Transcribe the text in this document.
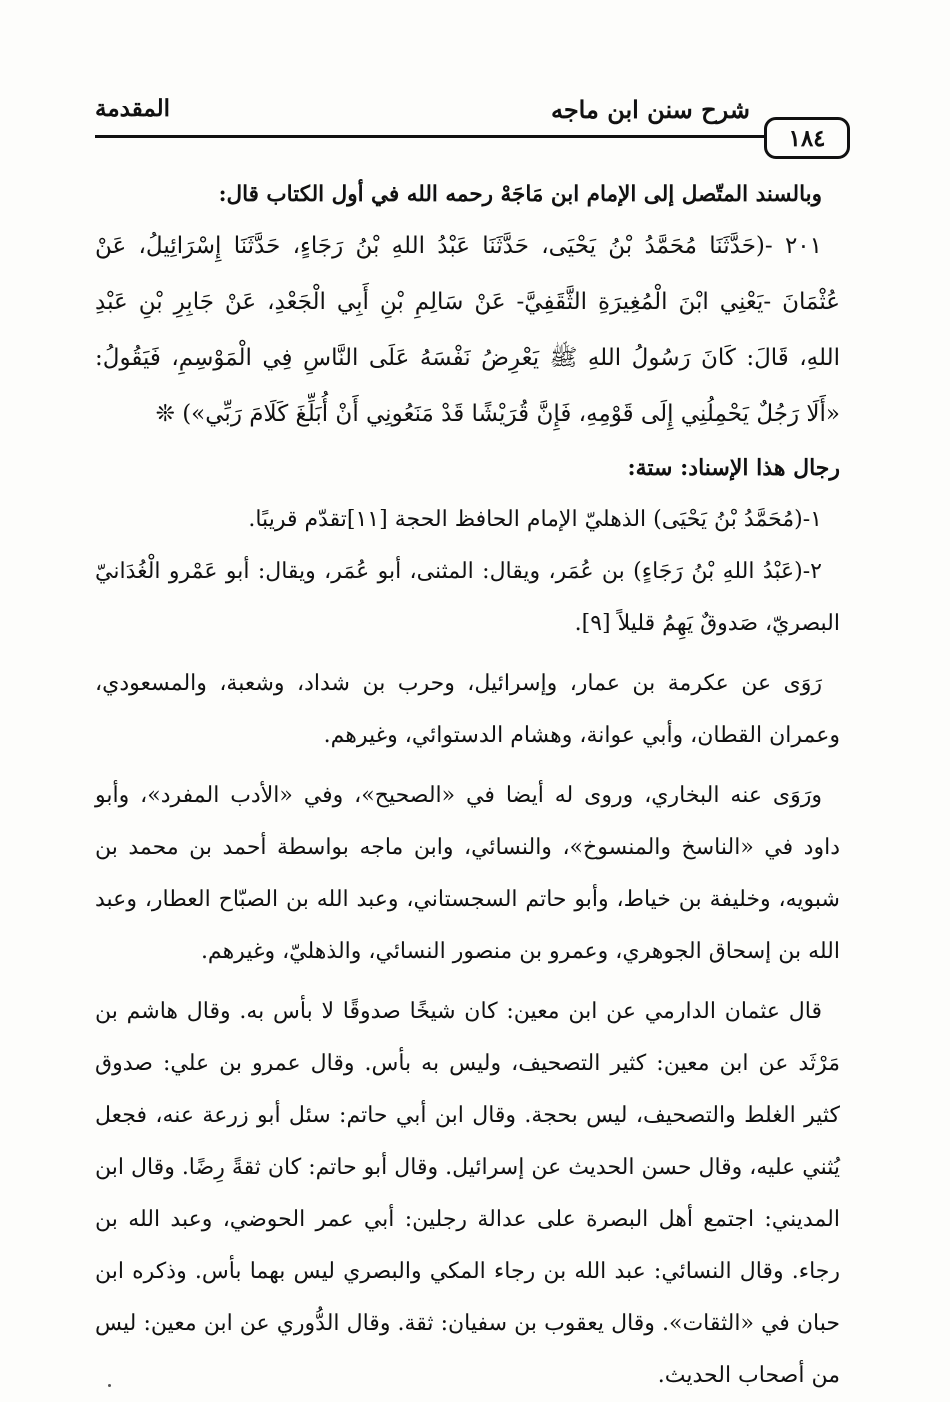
شرح سنن ابن ماجه
المقدمة
١٨٤

وبالسند المتّصل إلى الإمام ابن مَاجَهْ رحمه الله في أول الكتاب قال:

٢٠١ -(حَدَّثَنَا مُحَمَّدُ بْنُ يَحْيَى، حَدَّثَنَا عَبْدُ اللهِ بْنُ رَجَاءٍ، حَدَّثَنَا إِسْرَائِيلُ، عَنْ عُثْمَانَ -يَعْنِي ابْنَ الْمُغِيرَةِ الثَّقَفِيَّ- عَنْ سَالِمِ بْنِ أَبِي الْجَعْدِ، عَنْ جَابِرِ بْنِ عَبْدِ اللهِ، قَالَ: كَانَ رَسُولُ اللهِ ﷺ يَعْرِضُ نَفْسَهُ عَلَى النَّاسِ فِي الْمَوْسِمِ، فَيَقُولُ: «أَلَا رَجُلٌ يَحْمِلُنِي إِلَى قَوْمِهِ، فَإِنَّ قُرَيْشًا قَدْ مَنَعُونِي أَنْ أُبَلِّغَ كَلَامَ رَبِّي») ❊

رجال هذا الإسناد: ستة:

١-(مُحَمَّدُ بْنُ يَحْيَى) الذهليّ الإمام الحافظ الحجة [١١]تقدّم قريبًا.

٢-(عَبْدُ اللهِ بْنُ رَجَاءٍ) بن عُمَر، ويقال: المثنى، أبو عُمَر، ويقال: أبو عَمْرو الْغُدَانيّ البصريّ، صَدوقٌ يَهِمُ قليلاً [٩].

رَوَى عن عكرمة بن عمار، وإسرائيل، وحرب بن شداد، وشعبة، والمسعودي، وعمران القطان، وأبي عوانة، وهشام الدستوائي، وغيرهم.

ورَوَى عنه البخاري، وروى له أيضا في «الصحيح»، وفي «الأدب المفرد»، وأبو داود في «الناسخ والمنسوخ»، والنسائي، وابن ماجه بواسطة أحمد بن محمد بن شبويه، وخليفة بن خياط، وأبو حاتم السجستاني، وعبد الله بن الصبّاح العطار، وعبد الله بن إسحاق الجوهري، وعمرو بن منصور النسائي، والذهليّ، وغيرهم.

قال عثمان الدارمي عن ابن معين: كان شيخًا صدوقًا لا بأس به. وقال هاشم بن مَرْثَد عن ابن معين: كثير التصحيف، وليس به بأس. وقال عمرو بن علي: صدوق كثير الغلط والتصحيف، ليس بحجة. وقال ابن أبي حاتم: سئل أبو زرعة عنه، فجعل يُثني عليه، وقال حسن الحديث عن إسرائيل. وقال أبو حاتم: كان ثقةً رِضًا. وقال ابن المديني: اجتمع أهل البصرة على عدالة رجلين: أبي عمر الحوضي، وعبد الله بن رجاء. وقال النسائي: عبد الله بن رجاء المكي والبصري ليس بهما بأس. وذكره ابن حبان في «الثقات». وقال يعقوب بن سفيان: ثقة. وقال الدُّوري عن ابن معين: ليس من أصحاب الحديث.
